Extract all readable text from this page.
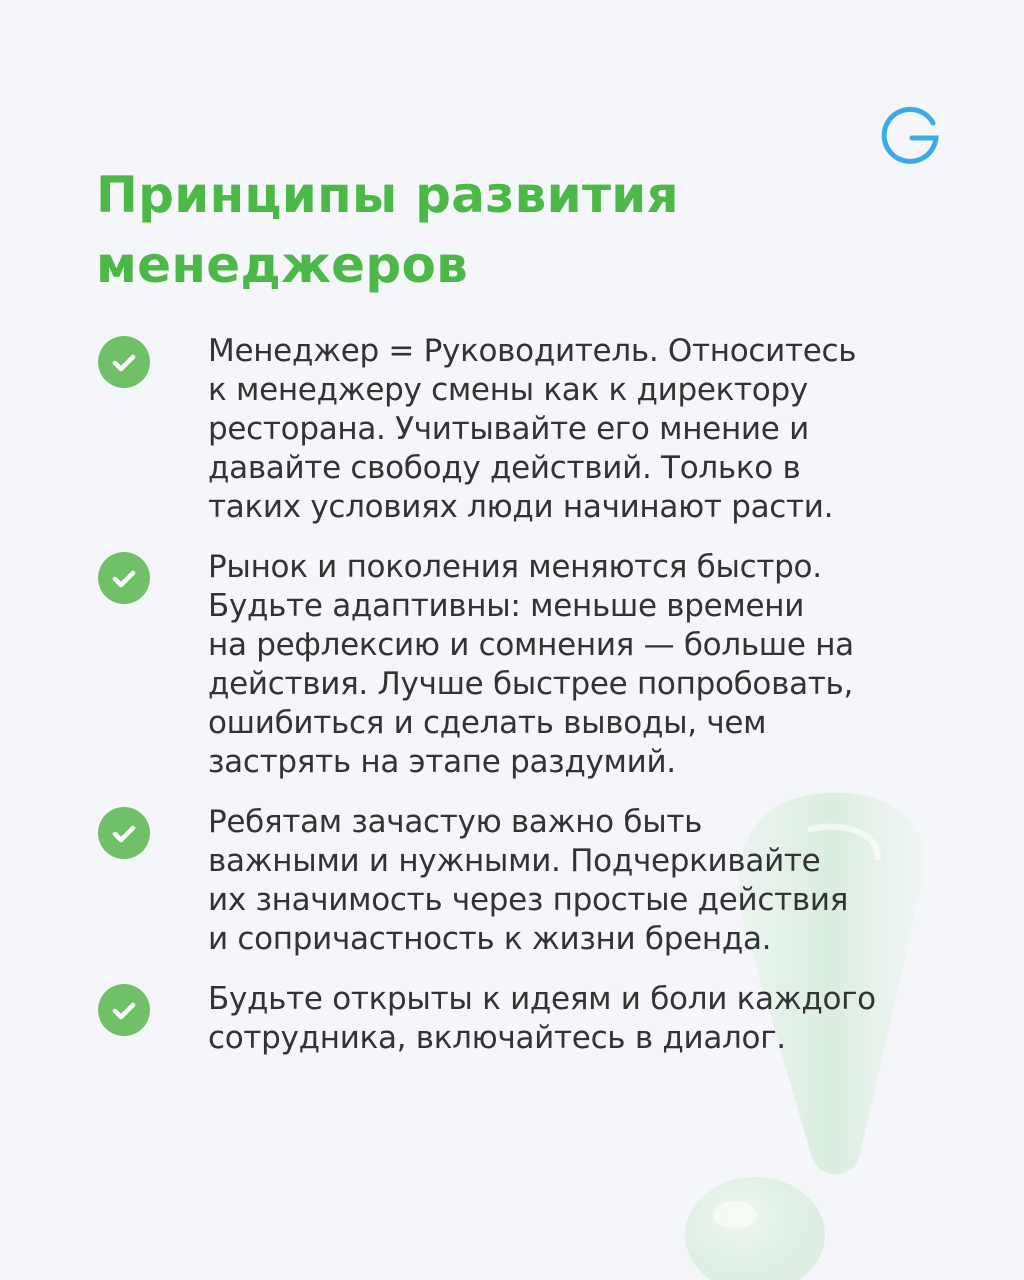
Принципы развития
менеджеров

Менеджер = Руководитель. Относитесь
к менеджеру смены как к директору
ресторана. Учитывайте его мнение и
давайте свободу действий. Только в
таких условиях люди начинают расти.

Рынок и поколения меняются быстро.
Будьте адаптивны: меньше времени
на рефлексию и сомнения — больше на
действия. Лучше быстрее попробовать,
ошибиться и сделать выводы, чем
застрять на этапе раздумий.

Ребятам зачастую важно быть
важными и нужными. Подчеркивайте
их значимость через простые действия
и сопричастность к жизни бренда.

Будьте открыты к идеям и боли каждого
сотрудника, включайтесь в диалог.
